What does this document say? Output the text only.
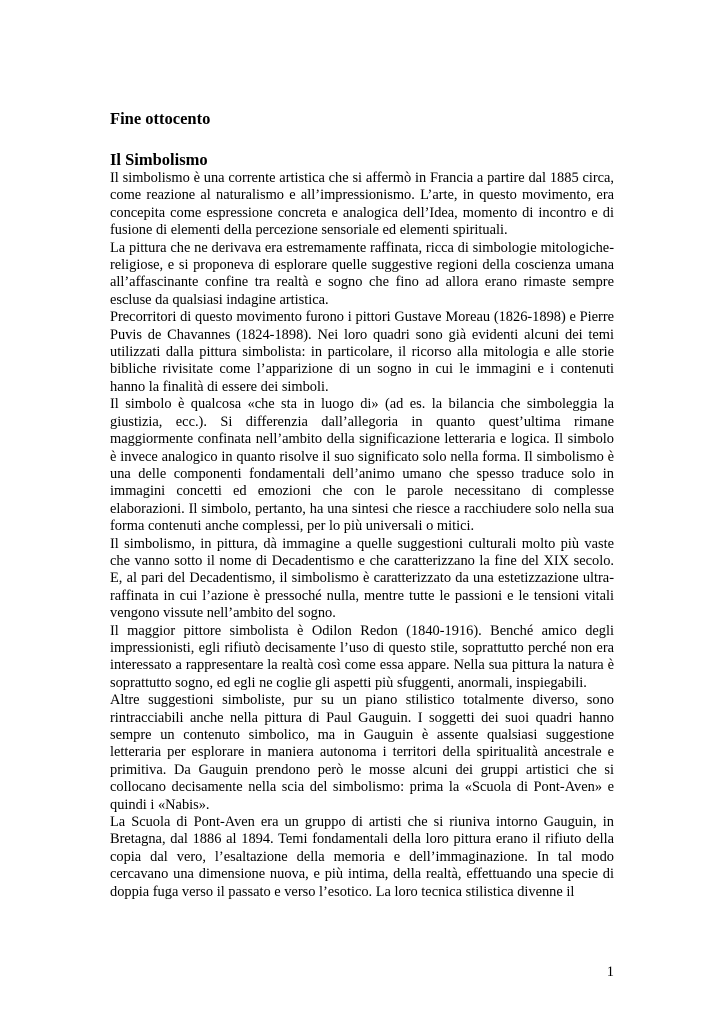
Fine ottocento
Il Simbolismo

Il simbolismo è una corrente artistica che si affermò in Francia a partire dal 1885 circa, come reazione al naturalismo e all’impressionismo. L’arte, in questo movimento, era concepita come espressione concreta e analogica dell’Idea, momento di incontro e di fusione di elementi della percezione sensoriale ed elementi spirituali.

La pittura che ne derivava era estremamente raffinata, ricca di simbologie mitologiche-religiose, e si proponeva di esplorare quelle suggestive regioni della coscienza umana all’affascinante confine tra realtà e sogno che fino ad allora erano rimaste sempre escluse da qualsiasi indagine artistica.

Precorritori di questo movimento furono i pittori Gustave Moreau (1826-1898) e Pierre Puvis de Chavannes (1824-1898). Nei loro quadri sono già evidenti alcuni dei temi utilizzati dalla pittura simbolista: in particolare, il ricorso alla mitologia e alle storie bibliche rivisitate come l’apparizione di un sogno in cui le immagini e i contenuti hanno la finalità di essere dei simboli.

Il simbolo è qualcosa «che sta in luogo di» (ad es. la bilancia che simboleggia la giustizia, ecc.). Si differenzia dall’allegoria in quanto quest’ultima rimane maggiormente confinata nell’ambito della significazione letteraria e logica. Il simbolo è invece analogico in quanto risolve il suo significato solo nella forma. Il simbolismo è una delle componenti fondamentali dell’animo umano che spesso traduce solo in immagini concetti ed emozioni che con le parole necessitano di complesse elaborazioni. Il simbolo, pertanto, ha una sintesi che riesce a racchiudere solo nella sua forma contenuti anche complessi, per lo più universali o mitici.

Il simbolismo, in pittura, dà immagine a quelle suggestioni culturali molto più vaste che vanno sotto il nome di Decadentismo e che caratterizzano la fine del XIX secolo. E, al pari del Decadentismo, il simbolismo è caratterizzato da una estetizzazione ultra-raffinata in cui l’azione è pressoché nulla, mentre tutte le passioni e le tensioni vitali vengono vissute nell’ambito del sogno.

Il maggior pittore simbolista è Odilon Redon (1840-1916). Benché amico degli impressionisti, egli rifiutò decisamente l’uso di questo stile, soprattutto perché non era interessato a rappresentare la realtà così come essa appare. Nella sua pittura la natura è soprattutto sogno, ed egli ne coglie gli aspetti più sfuggenti, anormali, inspiegabili.

Altre suggestioni simboliste, pur su un piano stilistico totalmente diverso, sono rintracciabili anche nella pittura di Paul Gauguin. I soggetti dei suoi quadri hanno sempre un contenuto simbolico, ma in Gauguin è assente qualsiasi suggestione letteraria per esplorare in maniera autonoma i territori della spiritualità ancestrale e primitiva. Da Gauguin prendono però le mosse alcuni dei gruppi artistici che si collocano decisamente nella scia del simbolismo: prima la «Scuola di Pont-Aven» e quindi i «Nabis».

La Scuola di Pont-Aven era un gruppo di artisti che si riuniva intorno Gauguin, in Bretagna, dal 1886 al 1894. Temi fondamentali della loro pittura erano il rifiuto della copia dal vero, l’esaltazione della memoria e dell’immaginazione. In tal modo cercavano una dimensione nuova, e più intima, della realtà, effettuando una specie di doppia fuga verso il passato e verso l’esotico. La loro tecnica stilistica divenne il

1
